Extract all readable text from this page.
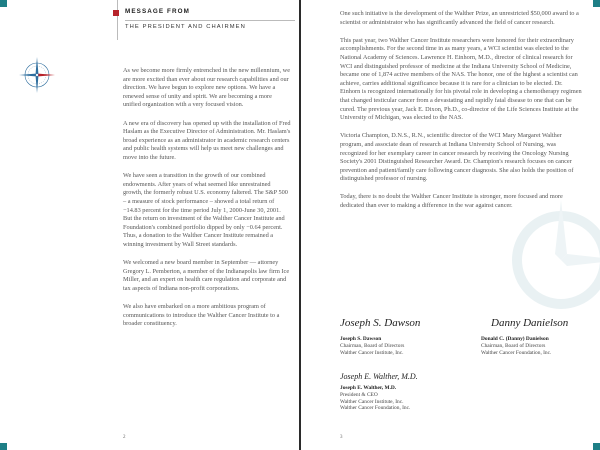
MESSAGE FROM
THE PRESIDENT AND CHAIRMEN

As we become more firmly entrenched in the new millennium, we are more excited than ever about our research capabilities and our direction. We have begun to explore new options. We have a renewed sense of unity and spirit. We are becoming a more unified organization with a very focused vision.

A new era of discovery has opened up with the installation of Fred Haslam as the Executive Director of Administration. Mr. Haslam's broad experience as an administrator in academic research centers and public health systems will help us meet new challenges and move into the future.

We have seen a transition in the growth of our combined endowments. After years of what seemed like unrestrained growth, the formerly robust U.S. economy faltered. The S&P 500 – a measure of stock performance – showed a total return of −14.83 percent for the time period July 1, 2000-June 30, 2001. But the return on investment of the Walther Cancer Institute and Foundation's combined portfolio dipped by only −0.64 percent. Thus, a donation to the Walther Cancer Institute remained a winning investment by Wall Street standards.

We welcomed a new board member in September — attorney Gregory L. Pemberton, a member of the Indianapolis law firm Ice Miller, and an expert on health care regulation and corporate and tax aspects of Indiana non-profit corporations.

We also have embarked on a more ambitious program of communications to introduce the Walther Cancer Institute to a broader constituency.

2

One such initiative is the development of the Walther Prize, an unrestricted $50,000 award to a scientist or administrator who has significantly advanced the field of cancer research.

This past year, two Walther Cancer Institute researchers were honored for their extraordinary accomplishments. For the second time in as many years, a WCI scientist was elected to the National Academy of Sciences. Lawrence H. Einhorn, M.D., director of clinical research for WCI and distinguished professor of medicine at the Indiana University School of Medicine, became one of 1,874 active members of the NAS. The honor, one of the highest a scientist can achieve, carries additional significance because it is rare for a clinician to be elected. Dr. Einhorn is recognized internationally for his pivotal role in developing a chemotherapy regimen that changed testicular cancer from a devastating and rapidly fatal disease to one that can be cured. The previous year, Jack E. Dixon, Ph.D., co-director of the Life Sciences Institute at the University of Michigan, was elected to the NAS.

Victoria Champion, D.N.S., R.N., scientific director of the WCI Mary Margaret Walther program, and associate dean of research at Indiana University School of Nursing, was recognized for her exemplary career in cancer research by receiving the Oncology Nursing Society's 2001 Distinguished Researcher Award. Dr. Champion's research focuses on cancer prevention and patient/family care following cancer diagnosis. She also holds the position of distinguished professor of nursing.

Today, there is no doubt the Walther Cancer Institute is stronger, more focused and more dedicated than ever to making a difference in the war against cancer.

Joseph S. Dawson
Joseph S. Dawson
Chairman, Board of Directors
Walther Cancer Institute, Inc.
Danny Danielson
Donald C. (Danny) Danielson
Chairman, Board of Directors
Walther Cancer Foundation, Inc.
Joseph E. Walther, M.D.
Joseph E. Walther, M.D.
President & CEO
Walther Cancer Institute, Inc.
Walther Cancer Foundation, Inc.
3
